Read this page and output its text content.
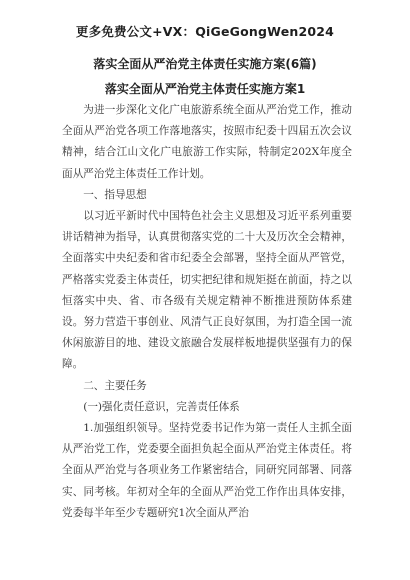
更多免费公文+VX：QiGeGongWen2024
落实全面从严治党主体责任实施方案(6篇)
落实全面从严治党主体责任实施方案1

为进一步深化文化广电旅游系统全面从严治党工作，推动全面从严治党各项工作落地落实，按照市纪委十四届五次会议精神，结合江山文化广电旅游工作实际，特制定202X年度全面从严治党主体责任工作计划。

一、指导思想

以习近平新时代中国特色社会主义思想及习近平系列重要讲话精神为指导，认真贯彻落实党的二十大及历次全会精神，全面落实中央纪委和省市纪委全会部署，坚持全面从严管党，严格落实党委主体责任，切实把纪律和规矩挺在前面，持之以恒落实中央、省、市各级有关规定精神不断推进预防体系建设。努力营造干事创业、风清气正良好氛围，为打造全国一流休闲旅游目的地、建设文旅融合发展样板地提供坚强有力的保障。

二、主要任务

(一)强化责任意识，完善责任体系

1.加强组织领导。坚持党委书记作为第一责任人主抓全面从严治党工作，党委要全面担负起全面从严治党主体责任。将全面从严治党与各项业务工作紧密结合，同研究同部署、同落实、同考核。年初对全年的全面从严治党工作作出具体安排，党委每半年至少专题研究1次全面从严治
